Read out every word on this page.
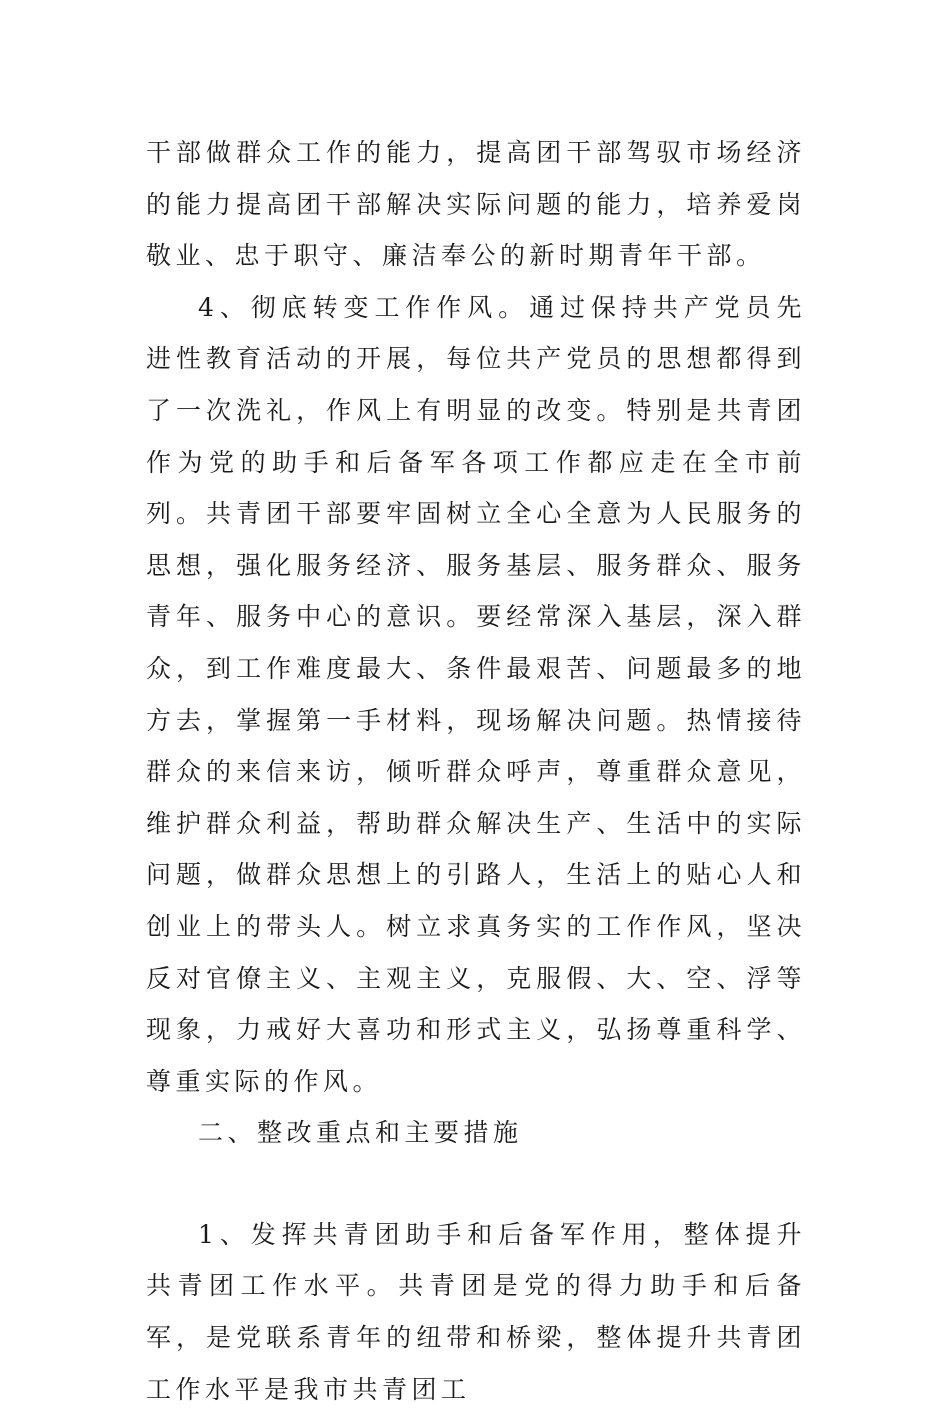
干部做群众工作的能力，提高团干部驾驭市场经济的能力提高团干部解决实际问题的能力，培养爱岗敬业、忠于职守、廉洁奉公的新时期青年干部。

4、彻底转变工作作风。通过保持共产党员先进性教育活动的开展，每位共产党员的思想都得到了一次洗礼，作风上有明显的改变。特别是共青团作为党的助手和后备军各项工作都应走在全市前列。共青团干部要牢固树立全心全意为人民服务的思想，强化服务经济、服务基层、服务群众、服务青年、服务中心的意识。要经常深入基层，深入群众，到工作难度最大、条件最艰苦、问题最多的地方去，掌握第一手材料，现场解决问题。热情接待群众的来信来访，倾听群众呼声，尊重群众意见，维护群众利益，帮助群众解决生产、生活中的实际问题，做群众思想上的引路人，生活上的贴心人和创业上的带头人。树立求真务实的工作作风，坚决反对官僚主义、主观主义，克服假、大、空、浮等现象，力戒好大喜功和形式主义，弘扬尊重科学、尊重实际的作风。

二、整改重点和主要措施

1、发挥共青团助手和后备军作用，整体提升共青团工作水平。共青团是党的得力助手和后备军，是党联系青年的纽带和桥梁，整体提升共青团工作水平是我市共青团工
